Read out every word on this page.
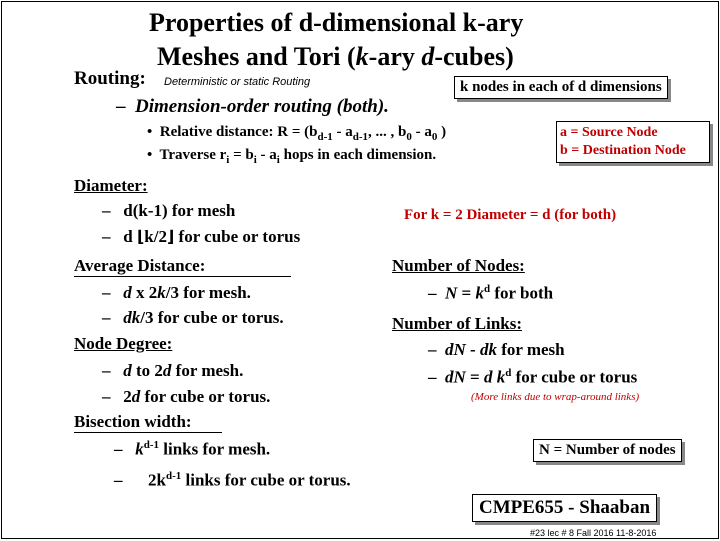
Properties of d-dimensional k-ary
Meshes and Tori (k-ary d-cubes)
Routing: Deterministic or static Routing
– Dimension-order routing (both).
k nodes in each of d dimensions
• Relative distance: $R = (b_{d-1} - a_{d-1}$, ... , $b_0 - a_0$ )
• Traverse $r_i = b_i - a_i$ hops in each dimension.
a = Source Node
b = Destination Node
Diameter:
–   d(k-1) for mesh
–   d ⌊k/2⌋ for cube or torus
For k = 2 Diameter = d (for both)
Average Distance:
–   d x 2k/3 for mesh.
–   dk/3 for cube or torus.
Node Degree:
–   d to 2d for mesh.
–   2d for cube or torus.
Bisection width:
–   $k^{d-1}$ links for mesh.
–      $2k^{d-1}$ links for cube or torus.
Number of Nodes:
–  $N = k^d$ for both
Number of Links:
–  dN - dk for mesh
–  dN = d $k^d$ for cube or torus
(More links due to wrap-around links)
N = Number of nodes
CMPE655 - Shaaban
#23 lec # 8 Fall 2016 11-8-2016
